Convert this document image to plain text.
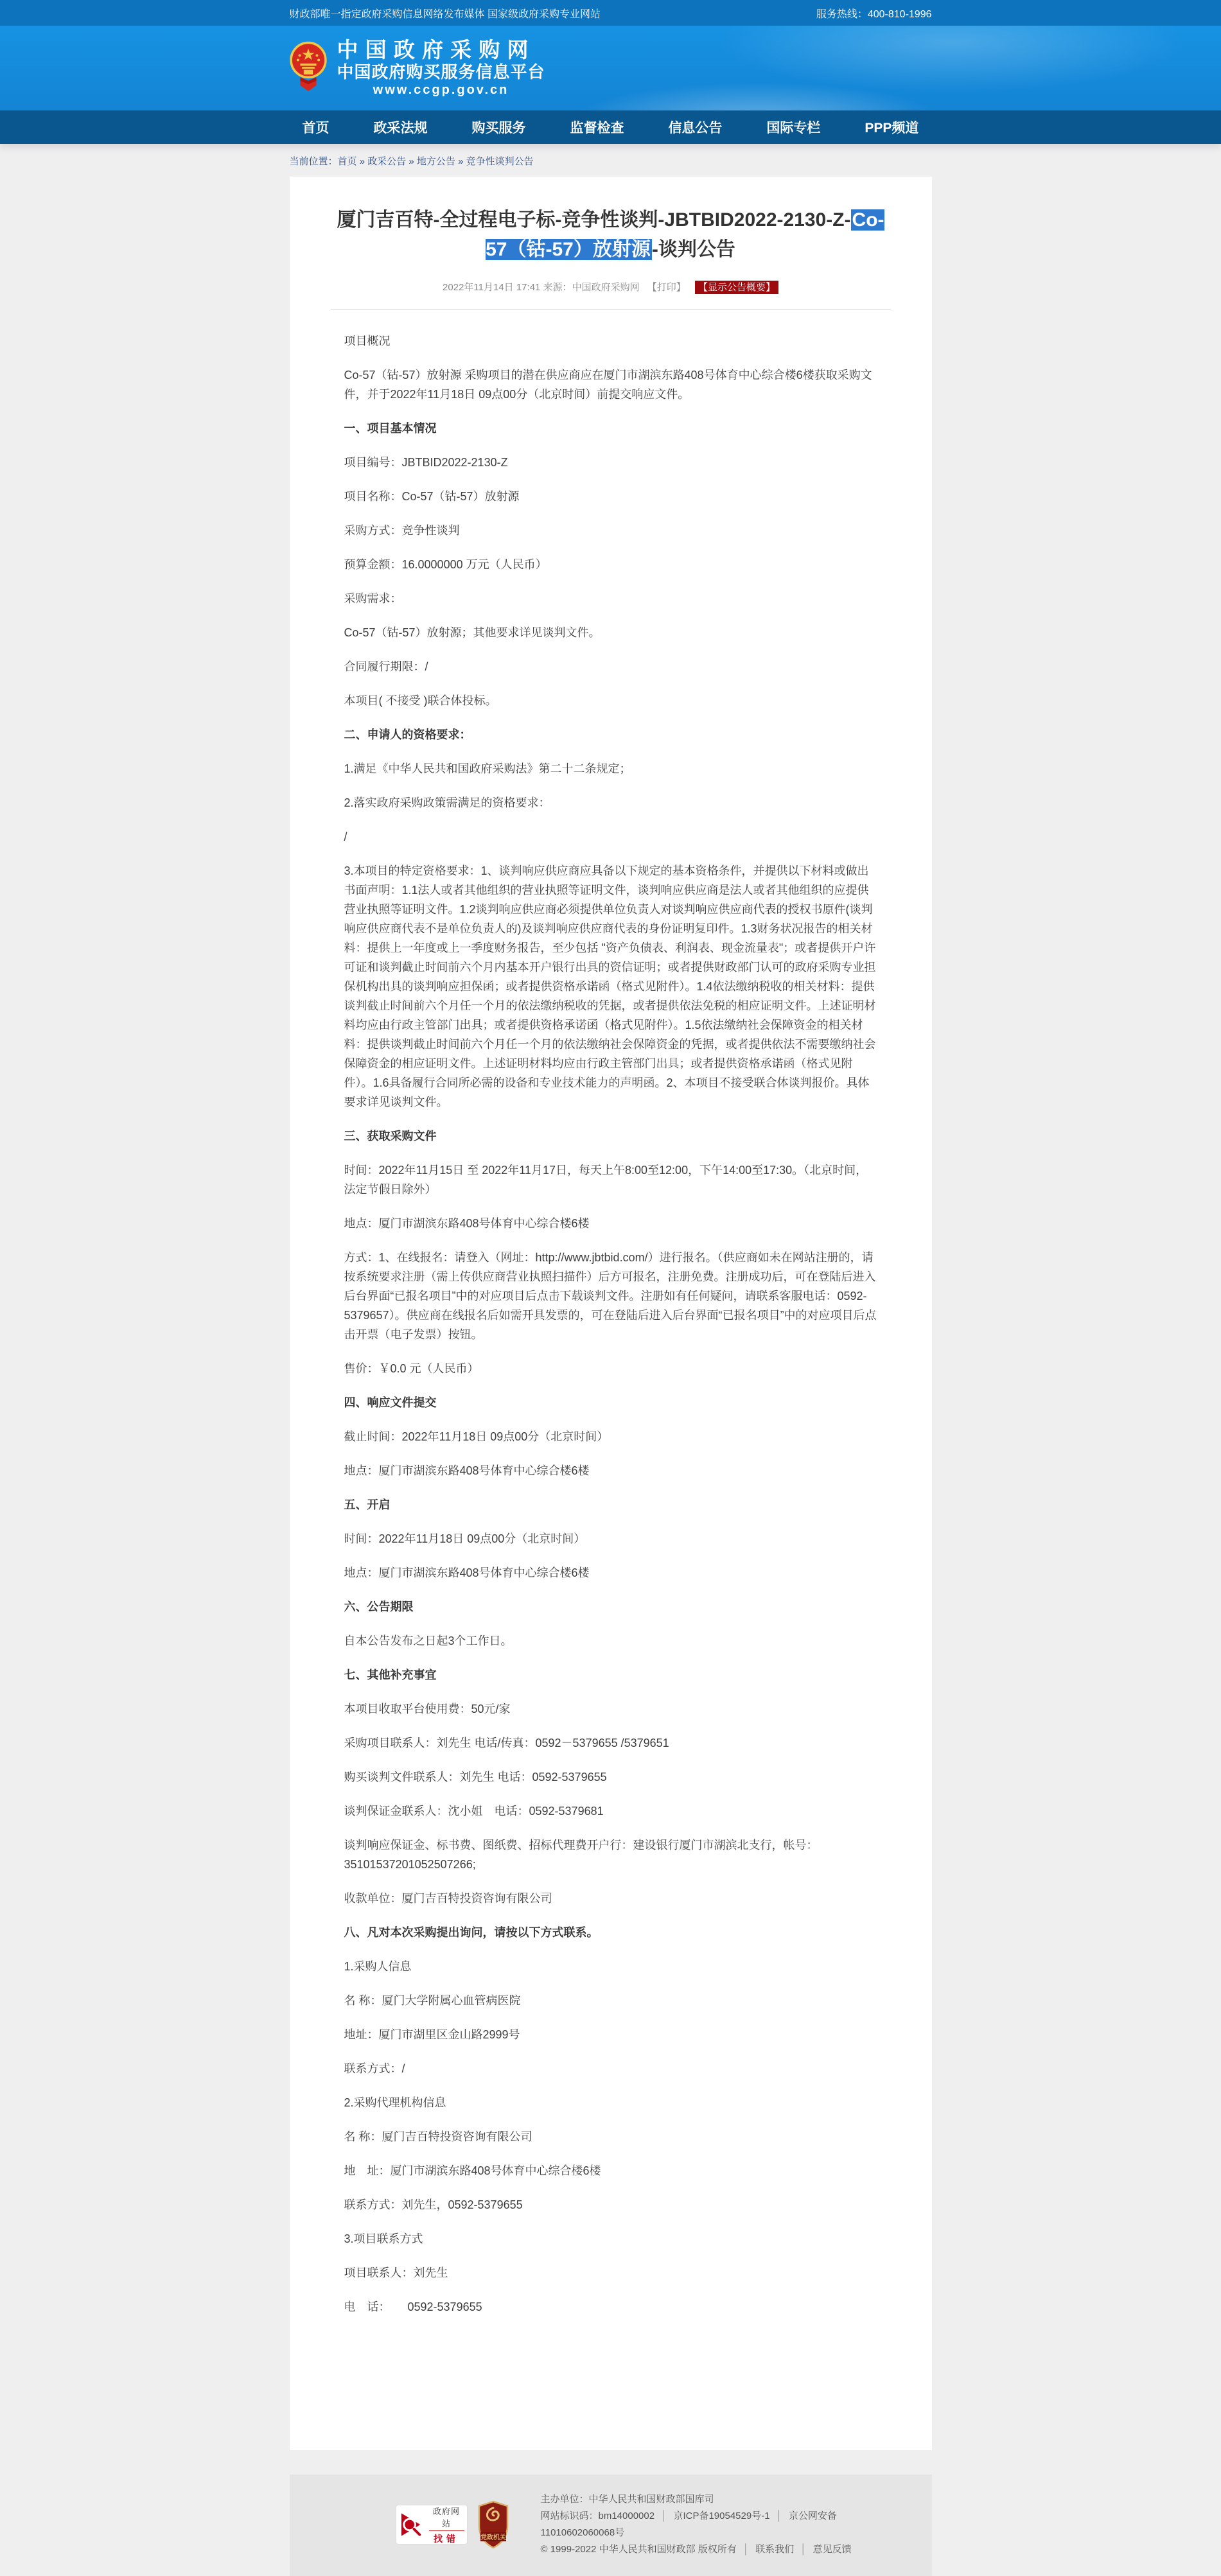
财政部唯一指定政府采购信息网络发布媒体 国家级政府采购专业网站	服务热线：400-810-1996
中 国 政 府 采 购 网
中国政府购买服务信息平台
www.ccgp.gov.cn
首页	政采法规	购买服务	监督检查	信息公告	国际专栏	PPP频道
当前位置：首页 » 政采公告 » 地方公告 » 竞争性谈判公告
厦门吉百特-全过程电子标-竞争性谈判-JBTBID2022-2130-Z-Co-57（钴-57）放射源-谈判公告
2022年11月14日 17:41 来源：中国政府采购网 【打印】 【显示公告概要】

项目概况

Co-57（钴-57）放射源 采购项目的潜在供应商应在厦门市湖滨东路408号体育中心综合楼6楼获取采购文件，并于2022年11月18日 09点00分（北京时间）前提交响应文件。

一、项目基本情况

项目编号：JBTBID2022-2130-Z

项目名称：Co-57（钴-57）放射源

采购方式：竞争性谈判

预算金额：16.0000000 万元（人民币）

采购需求：

Co-57（钴-57）放射源；其他要求详见谈判文件。

合同履行期限：/

本项目( 不接受 )联合体投标。

二、申请人的资格要求：

1.满足《中华人民共和国政府采购法》第二十二条规定；

2.落实政府采购政策需满足的资格要求：

/

3.本项目的特定资格要求：1、谈判响应供应商应具备以下规定的基本资格条件，并提供以下材料或做出书面声明：1.1法人或者其他组织的营业执照等证明文件，谈判响应供应商是法人或者其他组织的应提供营业执照等证明文件。1.2谈判响应供应商必须提供单位负责人对谈判响应供应商代表的授权书原件(谈判响应供应商代表不是单位负责人的)及谈判响应供应商代表的身份证明复印件。1.3财务状况报告的相关材料：提供上一年度或上一季度财务报告，至少包括 "资产负债表、利润表、现金流量表"；或者提供开户许可证和谈判截止时间前六个月内基本开户银行出具的资信证明；或者提供财政部门认可的政府采购专业担保机构出具的谈判响应担保函；或者提供资格承诺函（格式见附件）。1.4依法缴纳税收的相关材料：提供谈判截止时间前六个月任一个月的依法缴纳税收的凭据，或者提供依法免税的相应证明文件。上述证明材料均应由行政主管部门出具；或者提供资格承诺函（格式见附件）。1.5依法缴纳社会保障资金的相关材料：提供谈判截止时间前六个月任一个月的依法缴纳社会保障资金的凭据，或者提供依法不需要缴纳社会保障资金的相应证明文件。上述证明材料均应由行政主管部门出具；或者提供资格承诺函（格式见附件）。1.6具备履行合同所必需的设备和专业技术能力的声明函。2、本项目不接受联合体谈判报价。具体要求详见谈判文件。

三、获取采购文件

时间：2022年11月15日 至 2022年11月17日，每天上午8:00至12:00，下午14:00至17:30。（北京时间，法定节假日除外）

地点：厦门市湖滨东路408号体育中心综合楼6楼

方式：1、在线报名：请登入（网址：http://www.jbtbid.com/）进行报名。（供应商如未在网站注册的，请按系统要求注册（需上传供应商营业执照扫描件）后方可报名，注册免费。注册成功后，可在登陆后进入后台界面“已报名项目”中的对应项目后点击下载谈判文件。注册如有任何疑问，请联系客服电话：0592-5379657）。供应商在线报名后如需开具发票的，可在登陆后进入后台界面“已报名项目”中的对应项目后点击开票（电子发票）按钮。

售价：￥0.0 元（人民币）

四、响应文件提交

截止时间：2022年11月18日 09点00分（北京时间）

地点：厦门市湖滨东路408号体育中心综合楼6楼

五、开启

时间：2022年11月18日 09点00分（北京时间）

地点：厦门市湖滨东路408号体育中心综合楼6楼

六、公告期限

自本公告发布之日起3个工作日。

七、其他补充事宜

本项目收取平台使用费：50元/家

采购项目联系人：刘先生 电话/传真：0592－5379655 /5379651

购买谈判文件联系人：刘先生 电话：0592-5379655

谈判保证金联系人：沈小姐　电话：0592-5379681

谈判响应保证金、标书费、图纸费、招标代理费开户行：建设银行厦门市湖滨北支行，帐号：35101537201052507266;

收款单位：厦门吉百特投资咨询有限公司

八、凡对本次采购提出询问，请按以下方式联系。

1.采购人信息

名 称：厦门大学附属心血管病医院

地址：厦门市湖里区金山路2999号

联系方式：/

2.采购代理机构信息

名 称：厦门吉百特投资咨询有限公司

地　址：厦门市湖滨东路408号体育中心综合楼6楼

联系方式：刘先生，0592-5379655

3.项目联系方式

项目联系人：刘先生

电　话：　　0592-5379655

政府网站
找错	党政机关
主办单位：中华人民共和国财政部国库司
网站标识码：bm14000002 │ 京ICP备19054529号-1 │ 京公网安备11010602060068号
© 1999-2022 中华人民共和国财政部 版权所有 │ 联系我们 │ 意见反馈
